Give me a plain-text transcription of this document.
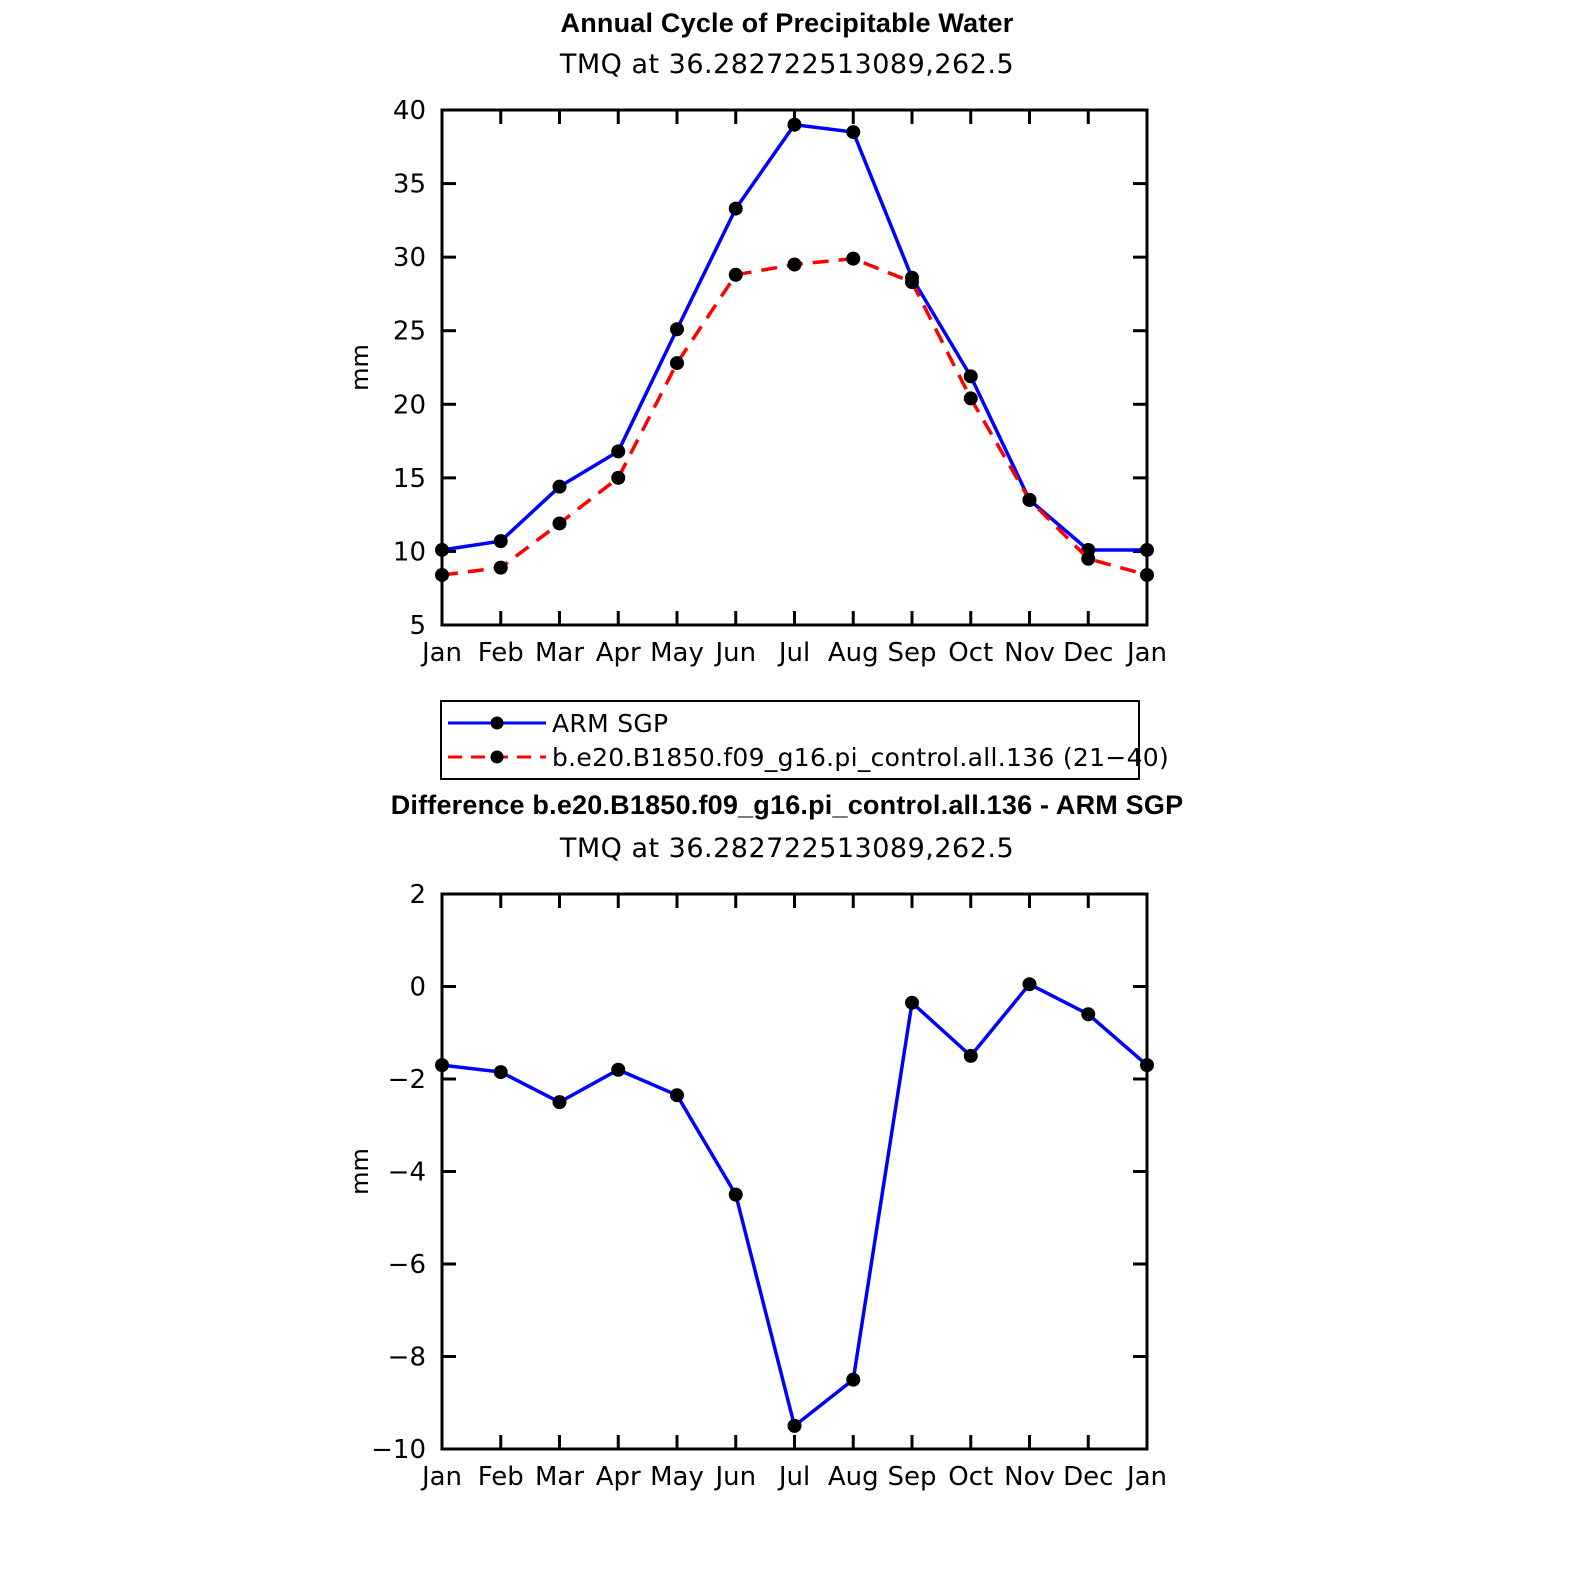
Annual Cycle of Precipitable Water
TMQ at 36.282722513089,262.5
5
10
15
20
25
30
35
40
Jan Feb Mar Apr May Jun Jul Aug Sep Oct Nov Dec Jan
mm
ARM SGP
b.e20.B1850.f09_g16.pi_control.all.136 (21−40)
Difference b.e20.B1850.f09_g16.pi_control.all.136 - ARM SGP
TMQ at 36.282722513089,262.5
−10
−8
−6
−4
−2
0
2
Jan Feb Mar Apr May Jun Jul Aug Sep Oct Nov Dec Jan
mm
